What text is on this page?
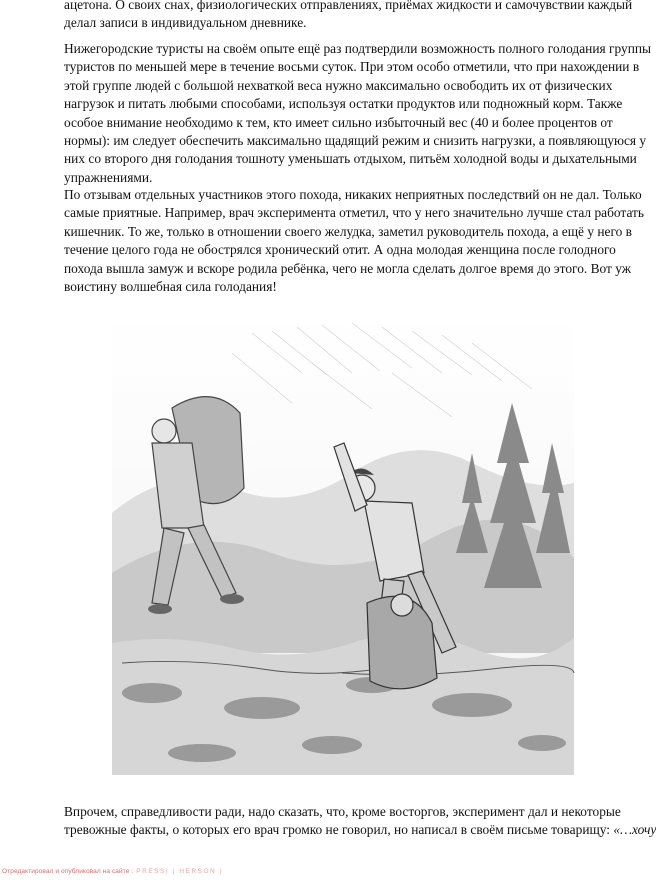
ацетона. О своих снах, физиологических отправлениях, приёмах жидкости и самочувствии каждый
делал записи в индивидуальном дневнике.

Нижегородские туристы на своём опыте ещё раз подтвердили возможность полного голодания группы
туристов по меньшей мере в течение восьми суток. При этом особо отметили, что при нахождении в
этой группе людей с большой нехваткой веса нужно максимально освободить их от физических
нагрузок и питать любыми способами, используя остатки продуктов или подножный корм. Также
особое внимание необходимо к тем, кто имеет сильно избыточный вес (40 и более процентов от
нормы): им следует обеспечить максимально щадящий режим и снизить нагрузки, а появляющуюся у
них со второго дня голодания тошноту уменьшать отдыхом, питьём холодной воды и дыхательными
упражнениями.

По отзывам отдельных участников этого похода, никаких неприятных последствий он не дал. Только
самые приятные. Например, врач эксперимента отметил, что у него значительно лучше стал работать
кишечник. То же, только в отношении своего желудка, заметил руководитель похода, а ещё у него в
течение целого года не обострялся хронический отит. А одна молодая женщина после голодного
похода вышла замуж и вскоре родила ребёнка, чего не могла сделать долгое время до этого. Вот уж
воистину волшебная сила голодания!

Впрочем, справедливости ради, надо сказать, что, кроме восторгов, эксперимент дал и некоторые
тревожные факты, о которых его врач громко не говорил, но написал в своём письме товарищу: «…хочу

Отредактировал и опубликовал на сайте : PRESSI ( HERSON )
